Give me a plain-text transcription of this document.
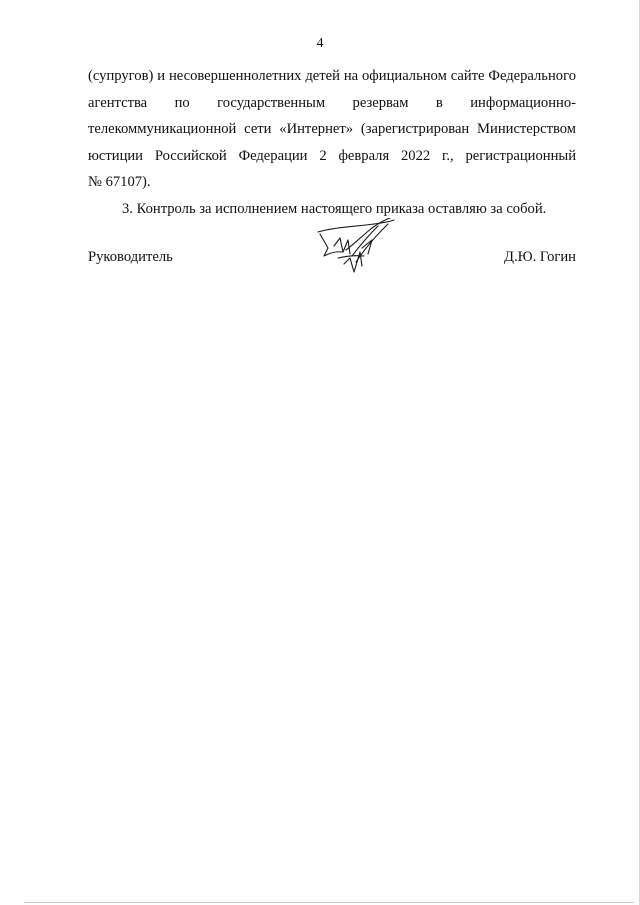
4

(супругов) и несовершеннолетних детей на официальном сайте Федерального
агентства по государственным резервам в информационно-
телекоммуникационной сети «Интернет» (зарегистрирован Министерством
юстиции Российской Федерации 2 февраля 2022 г., регистрационный
№ 67107).

3. Контроль за исполнением настоящего приказа оставляю за собой.

Руководитель	Д.Ю. Гогин
